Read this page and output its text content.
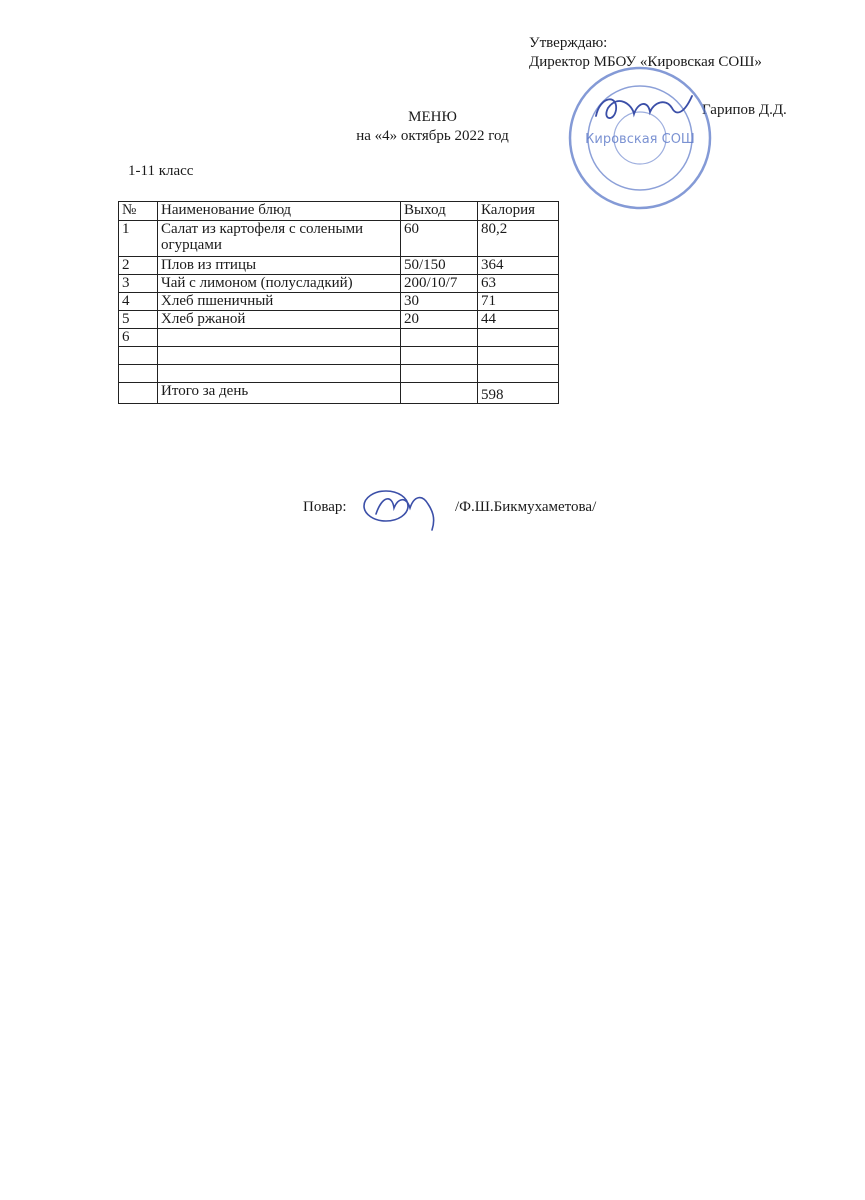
Утверждаю:
Директор МБОУ «Кировская СОШ»
Гарипов Д.Д.
Кировская СОШ
МЕНЮ
на «4» октябрь 2022 год
1-11 класс
№	Наименование блюд	Выход	Калория
1	Салат из картофеля с солеными огурцами	60	80,2
2	Плов из птицы	50/150	364
3	Чай с лимоном (полусладкий)	200/10/7	63
4	Хлеб пшеничный	30	71
5	Хлеб ржаной	20	44
6			

	Итого за день		598
Повар:	/Ф.Ш.Бикмухаметова/
